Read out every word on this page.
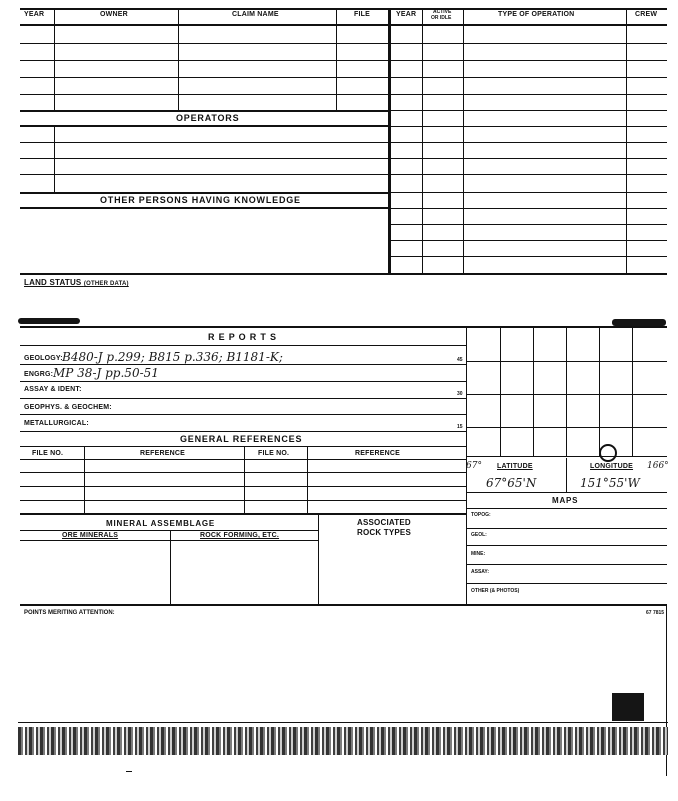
YEAR	OWNER	CLAIM NAME	FILE	YEAR	ACTIVE
OR IDLE	TYPE OF OPERATION	CREW
OPERATORS
OTHER PERSONS HAVING KNOWLEDGE
LAND STATUS (OTHER DATA)
R E P O R T S
GEOLOGY: B480-J p.299; B815 p.336; B1181-K;	45
ENGRG: MP 38-J pp.50-51
ASSAY & IDENT:
30
GEOPHYS. & GEOCHEM:
METALLURGICAL:	15
GENERAL REFERENCES
FILE NO.	REFERENCE	FILE NO.	REFERENCE
67° LATITUDE	LONGITUDE 166°
67°65'N	151°55'W
MAPS
TOPOG:
GEOL:
MINE:
ASSAY:
OTHER (& PHOTOS)
MINERAL ASSEMBLAGE	ASSOCIATED
ROCK TYPES
ORE MINERALS	ROCK FORMING, ETC.
POINTS MERITING ATTENTION:	67 7815
